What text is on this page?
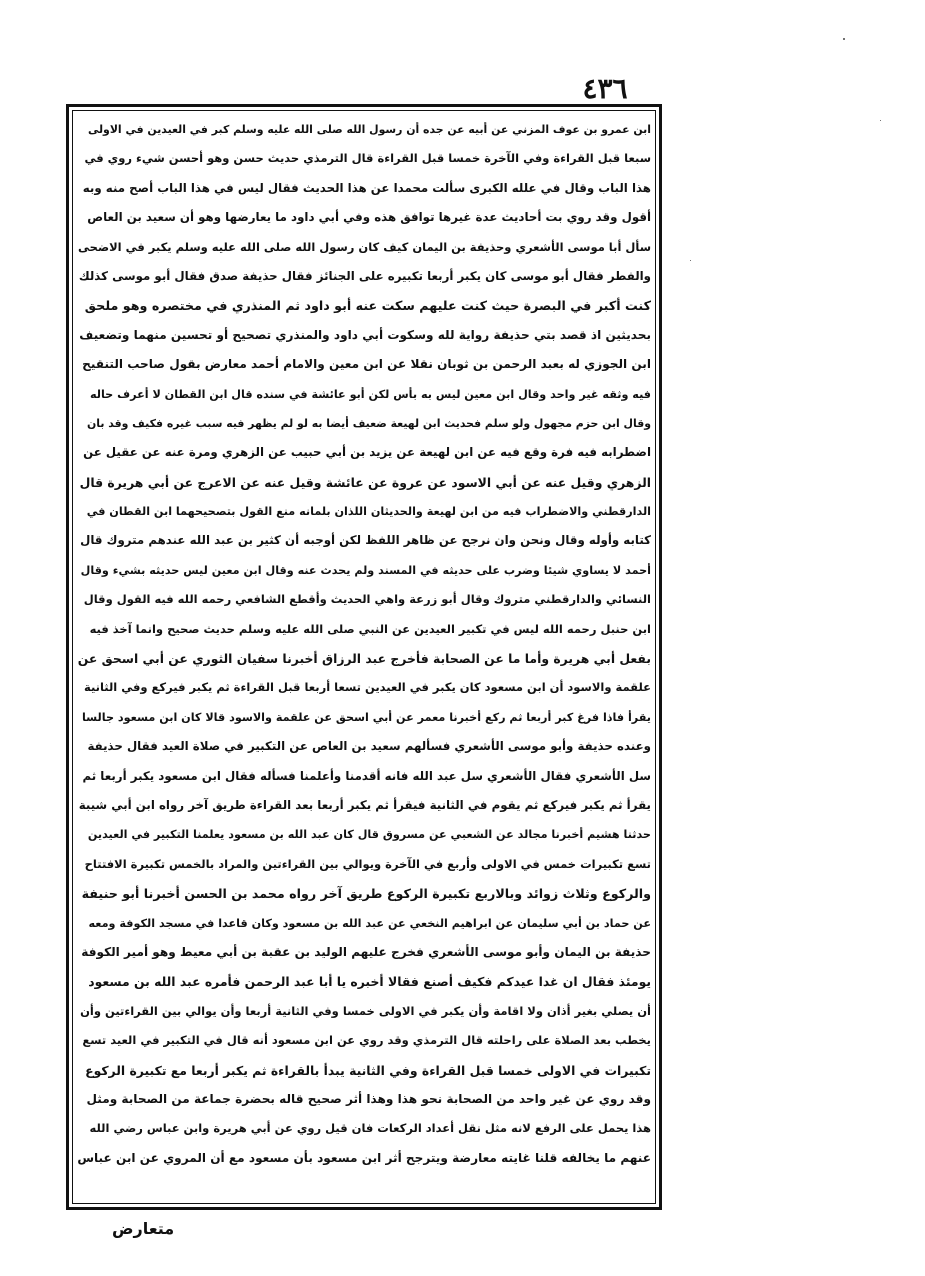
٤٣٦
ابن عمرو بن عوف المزني عن أبيه عن جده أن رسول الله صلى الله عليه وسلم كبر في العيدين في الاولى
سبعا قبل القراءة وفي الآخرة خمسا قبل القراءة قال الترمذي حديث حسن وهو أحسن شيء روي في
هذا الباب وقال في علله الكبرى سألت محمدا عن هذا الحديث فقال ليس في هذا الباب أصح منه وبه
أقول وقد روي بت أحاديث عدة غيرها توافق هذه وفي أبي داود ما يعارضها وهو أن سعيد بن العاص
سأل أبا موسى الأشعري وحذيفة بن اليمان كيف كان رسول الله صلى الله عليه وسلم يكبر في الاضحى
والفطر فقال أبو موسى كان يكبر أربعا تكبيره على الجنائز فقال حذيفة صدق فقال أبو موسى كذلك
كنت أكبر في البصرة حيث كنت عليهم سكت عنه أبو داود ثم المنذري في مختصره وهو ملحق
بحديثين اذ قصد بتي حذيفة رواية لله وسكوت أبي داود والمنذري تصحيح أو تحسين منهما وتضعيف
ابن الجوزي له بعبد الرحمن بن ثوبان نقلا عن ابن معين والامام أحمد معارض بقول صاحب التنقيح
فيه وثقه غير واحد وقال ابن معين ليس به بأس لكن أبو عائشة في سنده قال ابن القطان لا أعرف حاله
وقال ابن حزم مجهول ولو سلم فحديث ابن لهيعة ضعيف أيضا به لو لم يظهر فيه سبب غيره فكيف وقد بان
اضطرابه فيه فرة وقع فيه عن ابن لهيعة عن يزيد بن أبي حبيب عن الزهري ومرة عنه عن عقيل عن
الزهري وقيل عنه عن أبي الاسود عن عروة عن عائشة وقيل عنه عن الاعرج عن أبي هريرة قال
الدارقطني والاضطراب فيه من ابن لهيعة والحديثان اللذان بلمانه منع القول بتصحيحهما ابن القطان في
كتابه وأوله وقال ونحن وان نرجح عن ظاهر اللفظ لكن أوجبه أن كثير بن عبد الله عندهم متروك قال
أحمد لا يساوي شيئا وضرب على حديثه في المسند ولم يحدث عنه وقال ابن معين ليس حديثه بشيء وقال
النسائي والدارقطني متروك وقال أبو زرعة واهي الحديث وأقطع الشافعي رحمه الله فيه القول وقال
ابن حنبل رحمه الله ليس في تكبير العيدين عن النبي صلى الله عليه وسلم حديث صحيح وانما آخذ فيه
بفعل أبي هريرة وأما ما عن الصحابة فأخرج عبد الرزاق أخبرنا سفيان الثوري عن أبي اسحق عن
علقمة والاسود أن ابن مسعود كان يكبر في العيدين تسعا أربعا قبل القراءة ثم يكبر فيركع وفي الثانية
يقرأ فاذا فرغ كبر أربعا ثم ركع أخبرنا معمر عن أبي اسحق عن علقمة والاسود قالا كان ابن مسعود جالسا
وعنده حذيفة وأبو موسى الأشعري فسألهم سعيد بن العاص عن التكبير في صلاة العيد فقال حذيفة
سل الأشعري فقال الأشعري سل عبد الله فانه أقدمنا وأعلمنا فسأله فقال ابن مسعود يكبر أربعا ثم
يقرأ ثم يكبر فيركع ثم يقوم في الثانية فيقرأ ثم يكبر أربعا بعد القراءة طريق آخر رواه ابن أبي شيبة
حدثنا هشيم أخبرنا مجالد عن الشعبي عن مسروق قال كان عبد الله بن مسعود يعلمنا التكبير في العيدين
تسع تكبيرات خمس في الاولى وأربع في الآخرة ويوالي بين القراءتين والمراد بالخمس تكبيرة الافتتاح
والركوع وثلاث زوائد وبالاربع تكبيرة الركوع طريق آخر رواه محمد بن الحسن أخبرنا أبو حنيفة
عن حماد بن أبي سليمان عن ابراهيم النخعي عن عبد الله بن مسعود وكان قاعدا في مسجد الكوفة ومعه
حذيفة بن اليمان وأبو موسى الأشعري فخرج عليهم الوليد بن عقبة بن أبي معيط وهو أمير الكوفة
يومئذ فقال ان غدا عيدكم فكيف أصنع فقالا أخبره يا أبا عبد الرحمن فأمره عبد الله بن مسعود
أن يصلي بغير أذان ولا اقامة وأن يكبر في الاولى خمسا وفي الثانية أربعا وأن يوالي بين القراءتين وأن
يخطب بعد الصلاة على راحلته قال الترمذي وقد روي عن ابن مسعود أنه قال في التكبير في العيد تسع
تكبيرات في الاولى خمسا قبل القراءة وفي الثانية يبدأ بالقراءة ثم يكبر أربعا مع تكبيرة الركوع
وقد روي عن غير واحد من الصحابة نحو هذا وهذا أثر صحيح قاله بحضرة جماعة من الصحابة ومثل
هذا يحمل على الرفع لانه مثل نقل أعداد الركعات فان قيل روي عن أبي هريرة وابن عباس رضي الله
عنهم ما يخالفه قلنا غايته معارضة ويترجح أثر ابن مسعود بأن مسعود مع أن المروي عن ابن عباس
متعارض
